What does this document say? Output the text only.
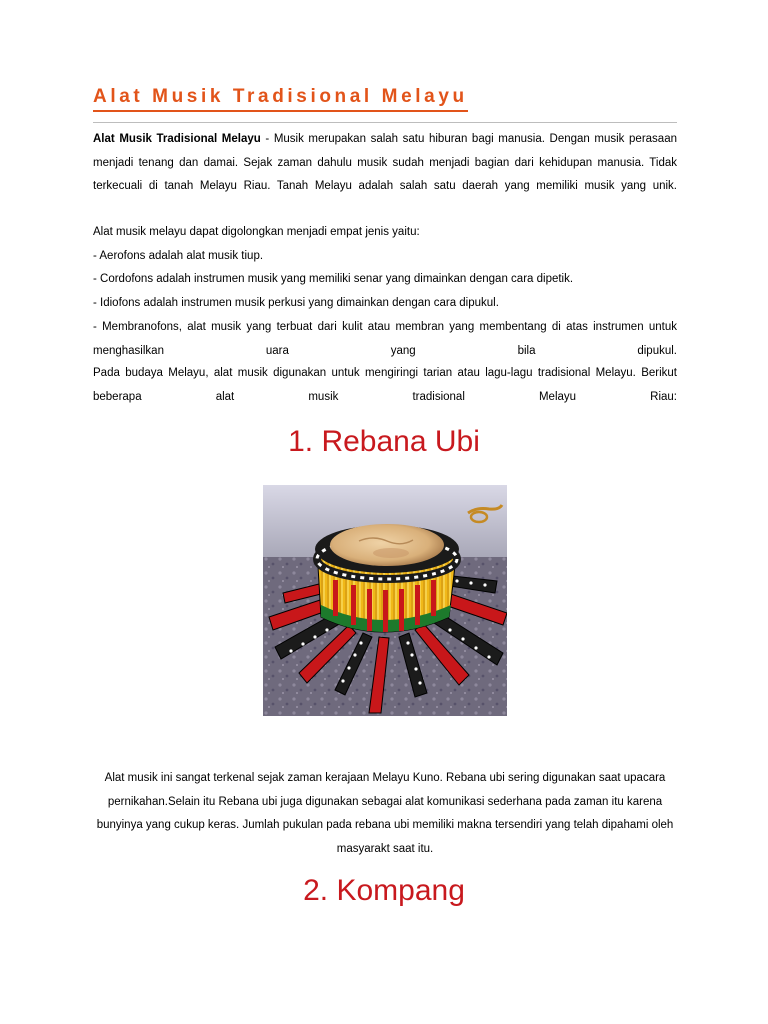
Alat Musik Tradisional Melayu

Alat Musik Tradisional Melayu - Musik merupakan salah satu hiburan bagi manusia. Dengan musik perasaan menjadi tenang dan damai. Sejak zaman dahulu musik sudah menjadi bagian dari kehidupan manusia. Tidak terkecuali di tanah Melayu Riau. Tanah Melayu adalah salah satu daerah yang memiliki musik yang unik.

Alat musik melayu dapat digolongkan menjadi empat jenis yaitu:

- Aerofons adalah alat musik tiup.

- Cordofons adalah instrumen musik yang memiliki senar yang dimainkan dengan cara dipetik.

- Idiofons adalah instrumen musik perkusi yang dimainkan dengan cara dipukul.

- Membranofons, alat musik yang terbuat dari kulit atau membran yang membentang di atas instrumen untuk menghasilkan uara yang bila dipukul.

Pada budaya Melayu, alat musik digunakan untuk mengiringi tarian atau lagu-lagu tradisional Melayu. Berikut beberapa alat musik tradisional Melayu Riau:

1. Rebana Ubi

Alat musik ini sangat terkenal sejak zaman kerajaan Melayu Kuno. Rebana ubi sering digunakan saat upacara pernikahan.Selain itu Rebana ubi juga digunakan sebagai alat komunikasi sederhana pada zaman itu karena bunyinya yang cukup keras. Jumlah pukulan pada rebana ubi memiliki makna tersendiri yang telah dipahami oleh masyarakt saat itu.

2. Kompang
